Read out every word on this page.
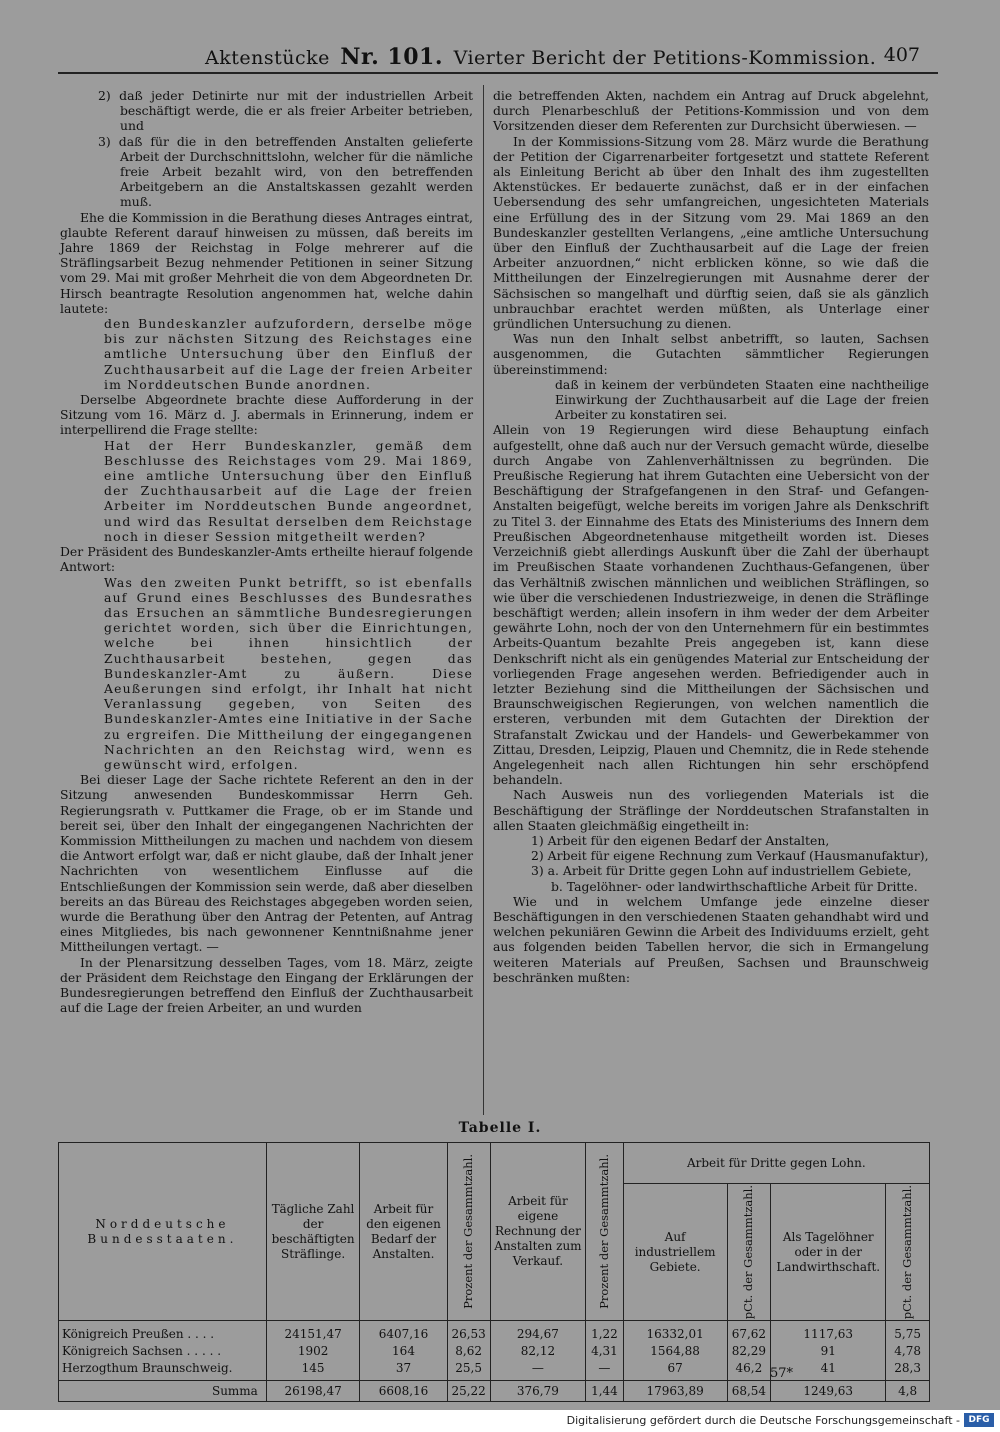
Aktenstücke Nr. 101. Vierter Bericht der Petitions-Kommission. 407

2) daß jeder Detinirte nur mit der industriellen Arbeit beschäftigt werde, die er als freier Arbeiter betrieben, und

3) daß für die in den betreffenden Anstalten gelieferte Arbeit der Durchschnittslohn, welcher für die nämliche freie Arbeit bezahlt wird, von den betreffenden Arbeitgebern an die Anstaltskassen gezahlt werden muß.

Ehe die Kommission in die Berathung dieses Antrages eintrat, glaubte Referent darauf hinweisen zu müssen, daß bereits im Jahre 1869 der Reichstag in Folge mehrerer auf die Sträflingsarbeit Bezug nehmender Petitionen in seiner Sitzung vom 29. Mai mit großer Mehrheit die von dem Abgeordneten Dr. Hirsch beantragte Resolution angenommen hat, welche dahin lautete:

den Bundeskanzler aufzufordern, derselbe möge bis zur nächsten Sitzung des Reichstages eine amtliche Untersuchung über den Einfluß der Zuchthausarbeit auf die Lage der freien Arbeiter im Norddeutschen Bunde anordnen.

Derselbe Abgeordnete brachte diese Aufforderung in der Sitzung vom 16. März d. J. abermals in Erinnerung, indem er interpellirend die Frage stellte:

Hat der Herr Bundeskanzler, gemäß dem Beschlusse des Reichstages vom 29. Mai 1869, eine amtliche Untersuchung über den Einfluß der Zuchthausarbeit auf die Lage der freien Arbeiter im Norddeutschen Bunde angeordnet, und wird das Resultat derselben dem Reichstage noch in dieser Session mitgetheilt werden?

Der Präsident des Bundeskanzler-Amts ertheilte hierauf folgende Antwort:

Was den zweiten Punkt betrifft, so ist ebenfalls auf Grund eines Beschlusses des Bundesrathes das Ersuchen an sämmtliche Bundesregierungen gerichtet worden, sich über die Einrichtungen, welche bei ihnen hinsichtlich der Zuchthausarbeit bestehen, gegen das Bundeskanzler-Amt zu äußern. Diese Aeußerungen sind erfolgt, ihr Inhalt hat nicht Veranlassung gegeben, von Seiten des Bundeskanzler-Amtes eine Initiative in der Sache zu ergreifen. Die Mittheilung der eingegangenen Nachrichten an den Reichstag wird, wenn es gewünscht wird, erfolgen.

Bei dieser Lage der Sache richtete Referent an den in der Sitzung anwesenden Bundeskommissar Herrn Geh. Regierungsrath v. Puttkamer die Frage, ob er im Stande und bereit sei, über den Inhalt der eingegangenen Nachrichten der Kommission Mittheilungen zu machen und nachdem von diesem die Antwort erfolgt war, daß er nicht glaube, daß der Inhalt jener Nachrichten von wesentlichem Einflusse auf die Entschließungen der Kommission sein werde, daß aber dieselben bereits an das Büreau des Reichstages abgegeben worden seien, wurde die Berathung über den Antrag der Petenten, auf Antrag eines Mitgliedes, bis nach gewonnener Kenntnißnahme jener Mittheilungen vertagt. —

In der Plenarsitzung desselben Tages, vom 18. März, zeigte der Präsident dem Reichstage den Eingang der Erklärungen der Bundesregierungen betreffend den Einfluß der Zuchthausarbeit auf die Lage der freien Arbeiter, an und wurden

die betreffenden Akten, nachdem ein Antrag auf Druck abgelehnt, durch Plenarbeschluß der Petitions-Kommission und von dem Vorsitzenden dieser dem Referenten zur Durchsicht überwiesen. —

In der Kommissions-Sitzung vom 28. März wurde die Berathung der Petition der Cigarrenarbeiter fortgesetzt und stattete Referent als Einleitung Bericht ab über den Inhalt des ihm zugestellten Aktenstückes. Er bedauerte zunächst, daß er in der einfachen Uebersendung des sehr umfangreichen, ungesichteten Materials eine Erfüllung des in der Sitzung vom 29. Mai 1869 an den Bundeskanzler gestellten Verlangens, „eine amtliche Untersuchung über den Einfluß der Zuchthausarbeit auf die Lage der freien Arbeiter anzuordnen,“ nicht erblicken könne, so wie daß die Mittheilungen der Einzelregierungen mit Ausnahme derer der Sächsischen so mangelhaft und dürftig seien, daß sie als gänzlich unbrauchbar erachtet werden müßten, als Unterlage einer gründlichen Untersuchung zu dienen.

Was nun den Inhalt selbst anbetrifft, so lauten, Sachsen ausgenommen, die Gutachten sämmtlicher Regierungen übereinstimmend:

daß in keinem der verbündeten Staaten eine nachtheilige Einwirkung der Zuchthausarbeit auf die Lage der freien Arbeiter zu konstatiren sei.

Allein von 19 Regierungen wird diese Behauptung einfach aufgestellt, ohne daß auch nur der Versuch gemacht würde, dieselbe durch Angabe von Zahlenverhältnissen zu begründen. Die Preußische Regierung hat ihrem Gutachten eine Uebersicht von der Beschäftigung der Strafgefangenen in den Straf- und Gefangen-Anstalten beigefügt, welche bereits im vorigen Jahre als Denkschrift zu Titel 3. der Einnahme des Etats des Ministeriums des Innern dem Preußischen Abgeordnetenhause mitgetheilt worden ist. Dieses Verzeichniß giebt allerdings Auskunft über die Zahl der überhaupt im Preußischen Staate vorhandenen Zuchthaus-Gefangenen, über das Verhältniß zwischen männlichen und weiblichen Sträflingen, so wie über die verschiedenen Industriezweige, in denen die Sträflinge beschäftigt werden; allein insofern in ihm weder der dem Arbeiter gewährte Lohn, noch der von den Unternehmern für ein bestimmtes Arbeits-Quantum bezahlte Preis angegeben ist, kann diese Denkschrift nicht als ein genügendes Material zur Entscheidung der vorliegenden Frage angesehen werden. Befriedigender auch in letzter Beziehung sind die Mittheilungen der Sächsischen und Braunschweigischen Regierungen, von welchen namentlich die ersteren, verbunden mit dem Gutachten der Direktion der Strafanstalt Zwickau und der Handels- und Gewerbekammer von Zittau, Dresden, Leipzig, Plauen und Chemnitz, die in Rede stehende Angelegenheit nach allen Richtungen hin sehr erschöpfend behandeln.

Nach Ausweis nun des vorliegenden Materials ist die Beschäftigung der Sträflinge der Norddeutschen Strafanstalten in allen Staaten gleichmäßig eingetheilt in:

1) Arbeit für den eigenen Bedarf der Anstalten,

2) Arbeit für eigene Rechnung zum Verkauf (Hausmanufaktur),

3) a. Arbeit für Dritte gegen Lohn auf industriellem Gebiete,

b. Tagelöhner- oder landwirthschaftliche Arbeit für Dritte.

Wie und in welchem Umfange jede einzelne dieser Beschäftigungen in den verschiedenen Staaten gehandhabt wird und welchen pekuniären Gewinn die Arbeit des Individuums erzielt, geht aus folgenden beiden Tabellen hervor, die sich in Ermangelung weiteren Materials auf Preußen, Sachsen und Braunschweig beschränken mußten:

Tabelle I.
Norddeutsche Bundesstaaten.	Tägliche Zahl der beschäftigten Sträflinge.	Arbeit für den eigenen Bedarf der Anstalten.	Prozent der Gesammtzahl.	Arbeit für eigene Rechnung der Anstalten zum Verkauf.	Prozent der Gesammtzahl.	Arbeit für Dritte gegen Lohn.			
						Auf industriellem Gebiete.	pCt. der Gesammtzahl.	Als Tagelöhner oder in der Landwirthschaft.	pCt. der Gesammtzahl.

Königreich Preußen . . . .	24151,47	6407,16	26,53	294,67	1,22	16332,01	67,62	1117,63	5,75
Königreich Sachsen . . . . .	1902	164	8,62	82,12	4,31	1564,88	82,29	91	4,78
Herzogthum Braunschweig.	145	37	25,5	—	—	67	46,2	41	28,3
Summa	26198,47	6608,16	25,22	376,79	1,44	17963,89	68,54	1249,63	4,8
57*
Digitalisierung gefördert durch die Deutsche Forschungsgemeinschaft - DFG
